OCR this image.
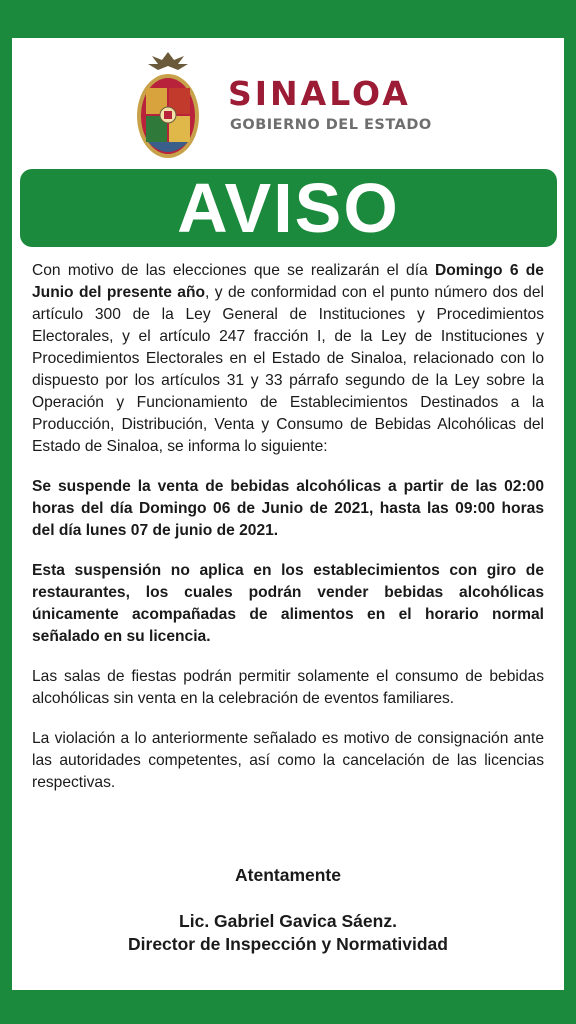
SINALOA
GOBIERNO DEL ESTADO
AVISO

Con motivo de las elecciones que se realizarán el día Domingo 6 de Junio del presente año, y de conformidad con el punto número dos del artículo 300 de la Ley General de Instituciones y Procedimientos Electorales, y el artículo 247 fracción I, de la Ley de Instituciones y Procedimientos Electorales en el Estado de Sinaloa, relacionado con lo dispuesto por los artículos 31 y 33 párrafo segundo de la Ley sobre la Operación y Funcionamiento de Establecimientos Destinados a la Producción, Distribución, Venta y Consumo de Bebidas Alcohólicas del Estado de Sinaloa, se informa lo siguiente:

Se suspende la venta de bebidas alcohólicas a partir de las 02:00 horas del día Domingo 06 de Junio de 2021, hasta las 09:00 horas del día lunes 07 de junio de 2021.

Esta suspensión no aplica en los establecimientos con giro de restaurantes, los cuales podrán vender bebidas alcohólicas únicamente acompañadas de alimentos en el horario normal señalado en su licencia.

Las salas de fiestas podrán permitir solamente el consumo de bebidas alcohólicas sin venta en la celebración de eventos familiares.

La violación a lo anteriormente señalado es motivo de consignación ante las autoridades competentes, así como la cancelación de las licencias respectivas.

Atentamente
Lic. Gabriel Gavica Sáenz.
Director de Inspección y Normatividad
